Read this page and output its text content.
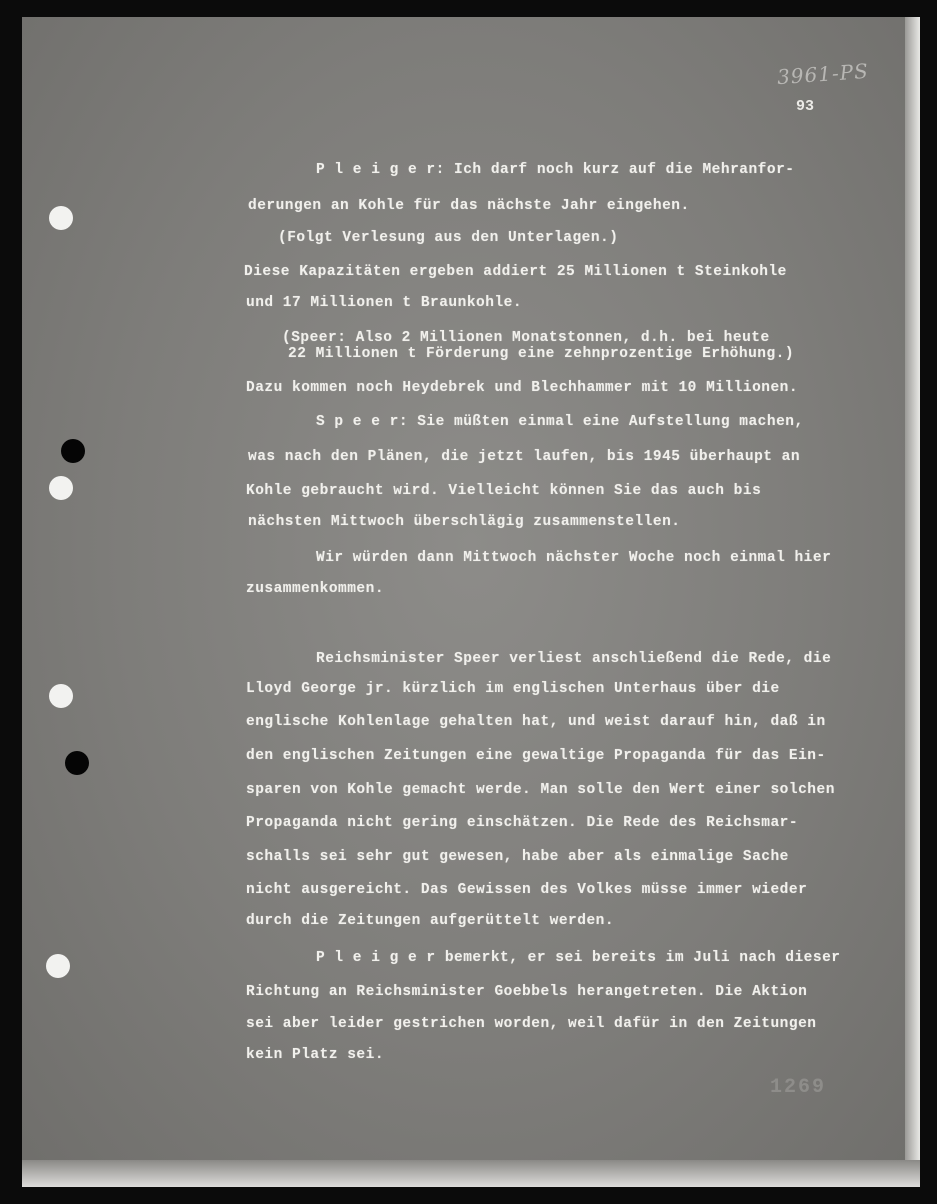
3961-PS
93
P l e i g e r: Ich darf noch kurz auf die Mehranfor-
derungen an Kohle für das nächste Jahr eingehen.
(Folgt Verlesung aus den Unterlagen.)
Diese Kapazitäten ergeben addiert 25 Millionen t Steinkohle
und 17 Millionen t Braunkohle.
(Speer: Also 2 Millionen Monatstonnen, d.h. bei heute
22 Millionen t Förderung eine zehnprozentige Erhöhung.)
Dazu kommen noch Heydebrek und Blechhammer mit 10 Millionen.
S p e e r: Sie müßten einmal eine Aufstellung machen,
was nach den Plänen, die jetzt laufen, bis 1945 überhaupt an
Kohle gebraucht wird. Vielleicht können Sie das auch bis
nächsten Mittwoch überschlägig zusammenstellen.
Wir würden dann Mittwoch nächster Woche noch einmal hier
zusammenkommen.
Reichsminister Speer verliest anschließend die Rede, die
Lloyd George jr. kürzlich im englischen Unterhaus über die
englische Kohlenlage gehalten hat, und weist darauf hin, daß in
den englischen Zeitungen eine gewaltige Propaganda für das Ein-
sparen von Kohle gemacht werde. Man solle den Wert einer solchen
Propaganda nicht gering einschätzen. Die Rede des Reichsmar-
schalls sei sehr gut gewesen, habe aber als einmalige Sache
nicht ausgereicht. Das Gewissen des Volkes müsse immer wieder
durch die Zeitungen aufgerüttelt werden.
P l e i g e r bemerkt, er sei bereits im Juli nach dieser
Richtung an Reichsminister Goebbels herangetreten. Die Aktion
sei aber leider gestrichen worden, weil dafür in den Zeitungen
kein Platz sei.
1269
